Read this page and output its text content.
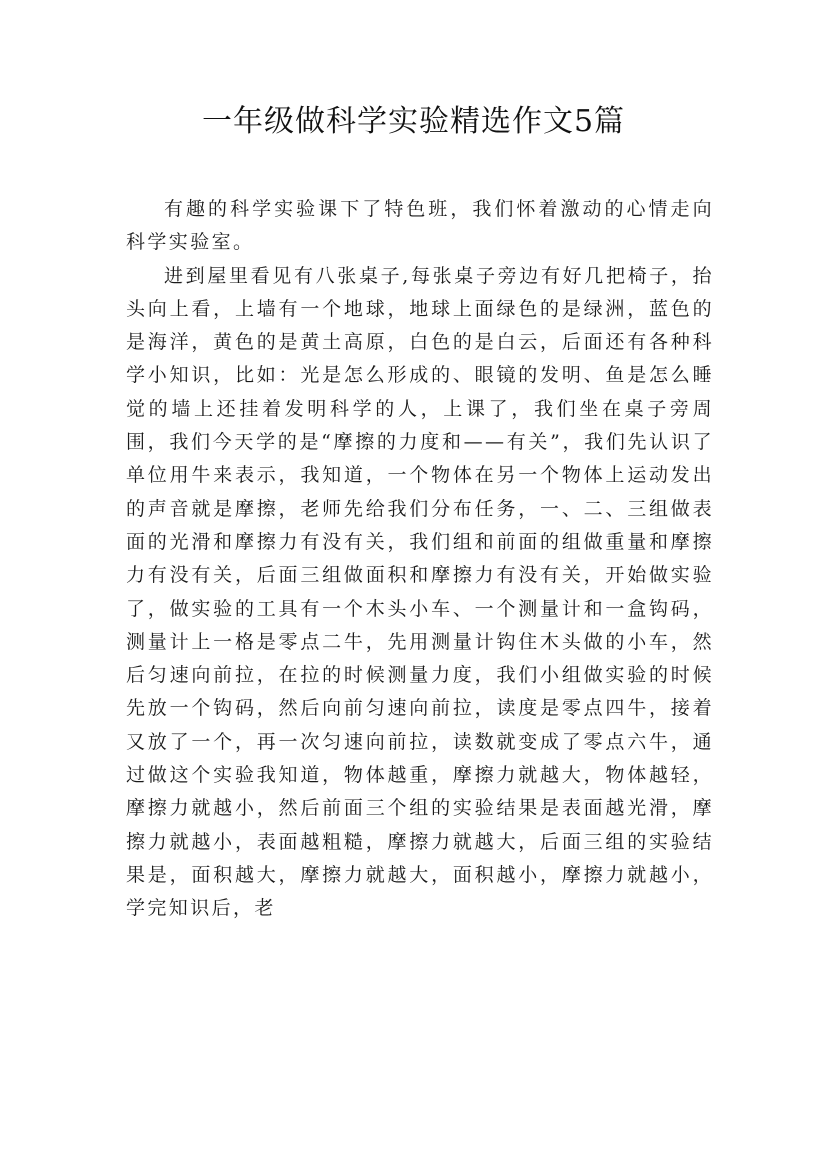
一年级做科学实验精选作文5篇

有趣的科学实验课下了特色班，我们怀着激动的心情走向科学实验室。

进到屋里看见有八张桌子,每张桌子旁边有好几把椅子，抬头向上看，上墙有一个地球，地球上面绿色的是绿洲，蓝色的是海洋，黄色的是黄土高原，白色的是白云，后面还有各种科学小知识，比如：光是怎么形成的、眼镜的发明、鱼是怎么睡觉的墙上还挂着发明科学的人，上课了，我们坐在桌子旁周围，我们今天学的是“摩擦的力度和——有关”，我们先认识了单位用牛来表示，我知道，一个物体在另一个物体上运动发出的声音就是摩擦，老师先给我们分布任务，一、二、三组做表面的光滑和摩擦力有没有关，我们组和前面的组做重量和摩擦力有没有关，后面三组做面积和摩擦力有没有关，开始做实验了，做实验的工具有一个木头小车、一个测量计和一盒钩码，测量计上一格是零点二牛，先用测量计钩住木头做的小车，然后匀速向前拉，在拉的时候测量力度，我们小组做实验的时候先放一个钩码，然后向前匀速向前拉，读度是零点四牛，接着又放了一个，再一次匀速向前拉，读数就变成了零点六牛，通过做这个实验我知道，物体越重，摩擦力就越大，物体越轻，摩擦力就越小，然后前面三个组的实验结果是表面越光滑，摩擦力就越小，表面越粗糙，摩擦力就越大，后面三组的实验结果是，面积越大，摩擦力就越大，面积越小，摩擦力就越小，学完知识后，老
